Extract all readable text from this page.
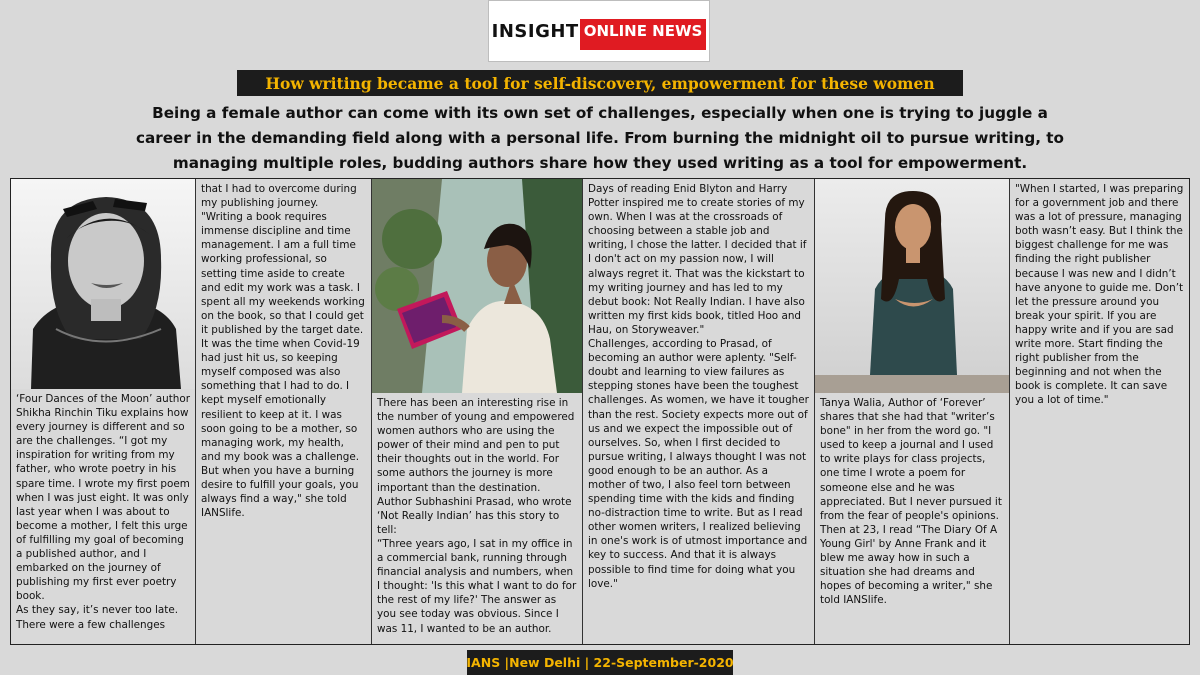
INSIGHT ONLINE NEWS
How writing became a tool for self-discovery, empowerment for these women
Being a female author can come with its own set of challenges, especially when one is trying to juggle a career in the demanding field along with a personal life. From burning the midnight oil to pursue writing, to managing multiple roles, budding authors share how they used writing as a tool for empowerment.

‘Four Dances of the Moon’ author Shikha Rinchin Tiku explains how every journey is different and so are the challenges. “I got my inspiration for writing from my father, who wrote poetry in his spare time. I wrote my first poem when I was just eight. It was only last year when I was about to become a mother, I felt this urge of fulfilling my goal of becoming a published author, and I embarked on the journey of publishing my first ever poetry book.
As they say, it’s never too late. There were a few challenges

that I had to overcome during my publishing journey.
"Writing a book requires immense discipline and time management. I am a full time working professional, so setting time aside to create and edit my work was a task. I spent all my weekends working on the book, so that I could get it published by the target date. It was the time when Covid-19 had just hit us, so keeping myself composed was also something that I had to do. I kept myself emotionally resilient to keep at it. I was soon going to be a mother, so managing work, my health, and my book was a challenge. But when you have a burning desire to fulfill your goals, you always find a way," she told IANSlife.

There has been an interesting rise in the number of young and empowered women authors who are using the power of their mind and pen to put their thoughts out in the world. For some authors the journey is more important than the destination. Author Subhashini Prasad, who wrote ‘Not Really Indian’ has this story to tell:
“Three years ago, I sat in my office in a commercial bank, running through financial analysis and numbers, when I thought: 'Is this what I want to do for the rest of my life?' The answer as you see today was obvious. Since I was 11, I wanted to be an author.

Days of reading Enid Blyton and Harry Potter inspired me to create stories of my own. When I was at the crossroads of choosing between a stable job and writing, I chose the latter. I decided that if I don't act on my passion now, I will always regret it. That was the kickstart to my writing journey and has led to my debut book: Not Really Indian. I have also written my first kids book, titled Hoo and Hau, on Storyweaver."
Challenges, according to Prasad, of becoming an author were aplenty. "Self-doubt and learning to view failures as stepping stones have been the toughest challenges. As women, we have it tougher than the rest. Society expects more out of us and we expect the impossible out of ourselves. So, when I first decided to pursue writing, I always thought I was not good enough to be an author. As a mother of two, I also feel torn between spending time with the kids and finding no-distraction time to write. But as I read other women writers, I realized believing in one's work is of utmost importance and key to success. And that it is always possible to find time for doing what you love."

Tanya Walia, Author of ‘Forever’ shares that she had that "writer’s bone" in her from the word go. "I used to keep a journal and I used to write plays for class projects, one time I wrote a poem for someone else and he was appreciated. But I never pursued it from the fear of people's opinions. Then at 23, I read “The Diary Of A Young Girl' by Anne Frank and it blew me away how in such a situation she had dreams and hopes of becoming a writer," she told IANSlife.

"When I started, I was preparing for a government job and there was a lot of pressure, managing both wasn’t easy. But I think the biggest challenge for me was finding the right publisher because I was new and I didn’t have anyone to guide me. Don’t let the pressure around you break your spirit. If you are happy write and if you are sad write more. Start finding the right publisher from the beginning and not when the book is complete. It can save you a lot of time."

IANS |New Delhi | 22-September-2020
